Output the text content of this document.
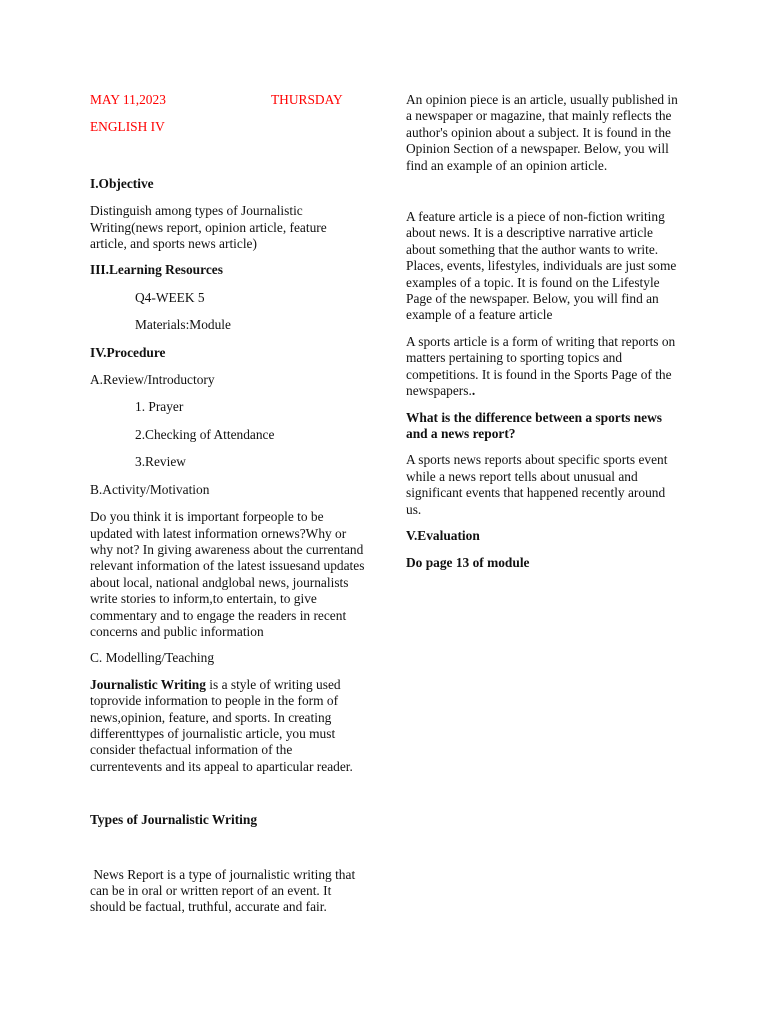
MAY 11,2023	THURSDAY

ENGLISH IV

I.Objective

Distinguish among types of Journalistic Writing(news report, opinion article, feature article, and sports news article)

III.Learning Resources

Q4-WEEK 5

Materials:Module

IV.Procedure

A.Review/Introductory

1. Prayer

2.Checking of Attendance

3.Review

B.Activity/Motivation

Do you think it is important forpeople to be updated with latest information ornews?Why or why not? In giving awareness about the currentand relevant information of the latest issuesand updates about local, national andglobal news, journalists write stories to inform,to entertain, to give commentary and to engage the readers in recent concerns and public information

C. Modelling/Teaching

Journalistic Writing is a style of writing used toprovide information to people in the form of news,opinion, feature, and sports. In creating differenttypes of journalistic article, you must consider thefactual information of the currentevents and its appeal to aparticular reader.

Types of Journalistic Writing

News Report is a type of journalistic writing that can be in oral or written report of an event. It should be factual, truthful, accurate and fair.

An opinion piece is an article, usually published in a newspaper or magazine, that mainly reflects the author's opinion about a subject. It is found in the Opinion Section of a newspaper. Below, you will find an example of an opinion article.

A feature article is a piece of non-fiction writing about news. It is a descriptive narrative article about something that the author wants to write. Places, events, lifestyles, individuals are just some examples of a topic. It is found on the Lifestyle Page of the newspaper. Below, you will find an example of a feature article

A sports article is a form of writing that reports on matters pertaining to sporting topics and competitions. It is found in the Sports Page of the newspapers..

What is the difference between a sports news and a news report?

A sports news reports about specific sports event while a news report tells about unusual and significant events that happened recently around us.

V.Evaluation

Do page 13 of module
